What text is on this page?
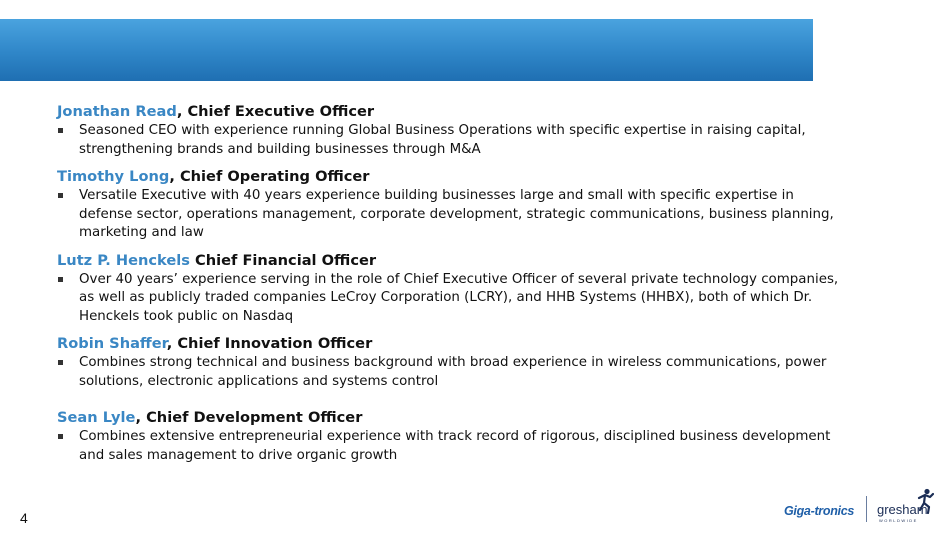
Jonathan Read, Chief Executive Officer
Seasoned CEO with experience running Global Business Operations with specific expertise in raising capital, strengthening brands and building businesses through M&A
Timothy Long, Chief Operating Officer
Versatile Executive with 40 years experience building businesses large and small with specific expertise in defense sector, operations management, corporate development, strategic communications, business planning, marketing and law
Lutz P. Henckels Chief Financial Officer
Over 40 years’ experience serving in the role of Chief Executive Officer of several private technology companies, as well as publicly traded companies LeCroy Corporation (LCRY), and HHB Systems (HHBX), both of which Dr. Henckels took public on Nasdaq
Robin Shaffer, Chief Innovation Officer
Combines strong technical and business background with broad experience in wireless communications, power solutions, electronic applications and systems control
Sean Lyle, Chief Development Officer
Combines extensive entrepreneurial experience with track record of rigorous, disciplined business development and sales management to drive organic growth
4	Giga-tronics gresham
WORLDWIDE
